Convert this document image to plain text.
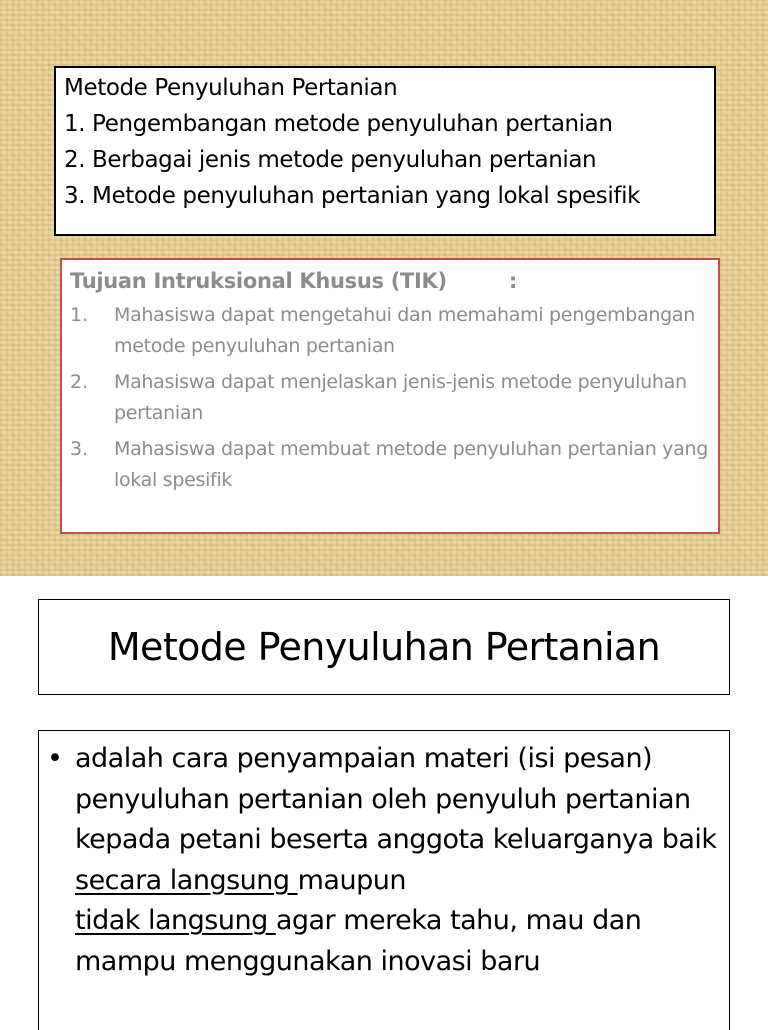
Metode Penyuluhan Pertanian
1. Pengembangan metode penyuluhan pertanian
2. Berbagai jenis metode penyuluhan pertanian
3. Metode penyuluhan pertanian yang lokal spesifik
Tujuan Intruksional Khusus (TIK)	:
1.	Mahasiswa dapat mengetahui dan memahami pengembangan metode penyuluhan pertanian
2.	Mahasiswa dapat menjelaskan jenis-jenis metode penyuluhan pertanian
3.	Mahasiswa dapat membuat metode penyuluhan pertanian yang lokal spesifik
Metode Penyuluhan Pertanian
• adalah cara penyampaian materi (isi pesan) penyuluhan pertanian oleh penyuluh pertanian kepada petani beserta anggota keluarganya baik secara langsung maupun
tidak langsung agar mereka tahu, mau dan mampu menggunakan inovasi baru
